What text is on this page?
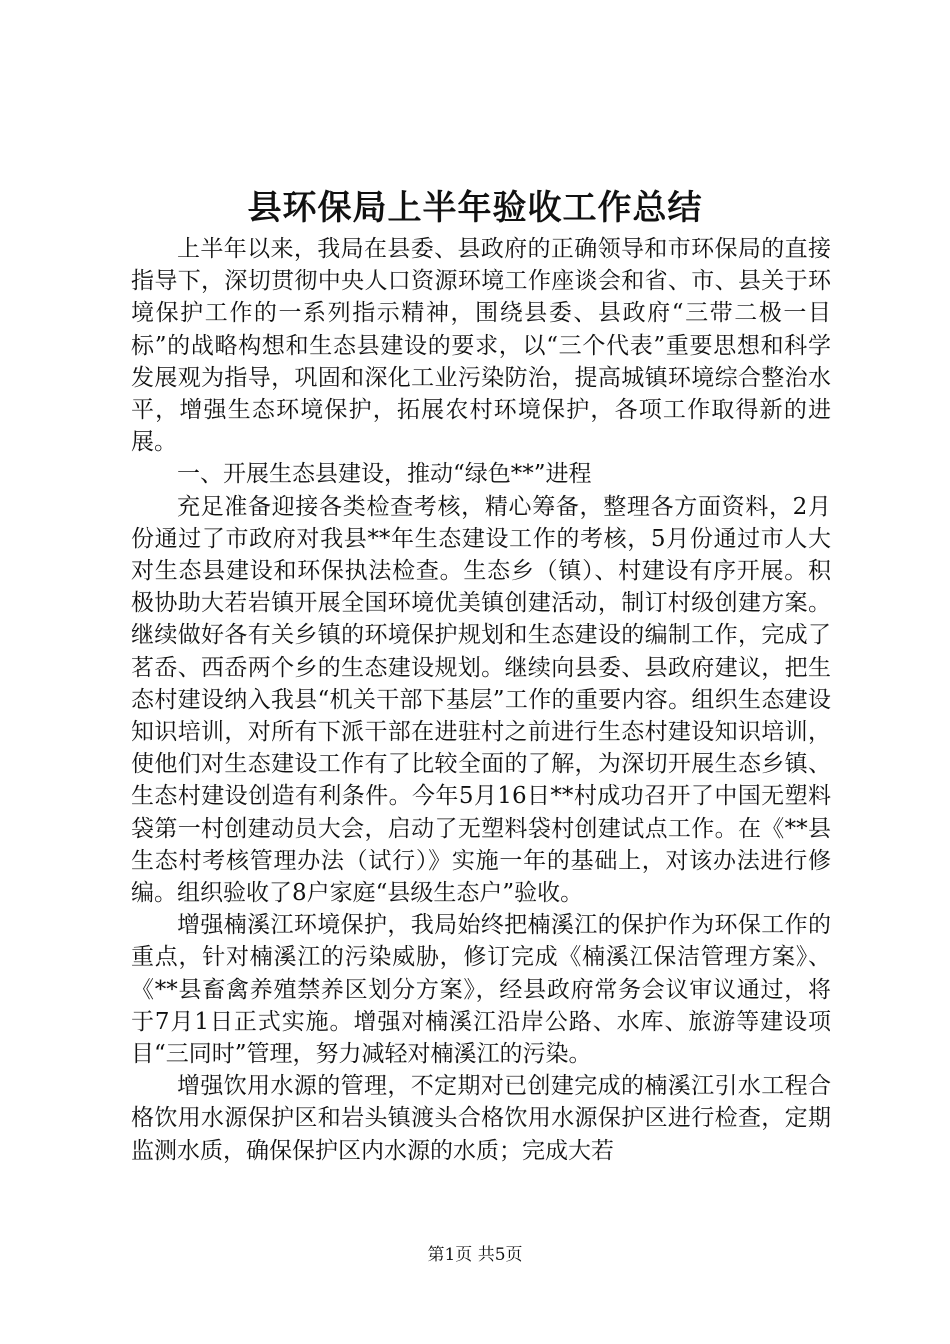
县环保局上半年验收工作总结

上半年以来，我局在县委、县政府的正确领导和市环保局的直接指导下，深切贯彻中央人口资源环境工作座谈会和省、市、县关于环境保护工作的一系列指示精神，围绕县委、县政府“三带二极一目标”的战略构想和生态县建设的要求，以“三个代表”重要思想和科学发展观为指导，巩固和深化工业污染防治，提高城镇环境综合整治水平，增强生态环境保护，拓展农村环境保护，各项工作取得新的进展。

一、开展生态县建设，推动“绿色**”进程

充足准备迎接各类检查考核，精心筹备，整理各方面资料，2月份通过了市政府对我县**年生态建设工作的考核，5月份通过市人大对生态县建设和环保执法检查。生态乡（镇）、村建设有序开展。积极协助大若岩镇开展全国环境优美镇创建活动，制订村级创建方案。继续做好各有关乡镇的环境保护规划和生态建设的编制工作，完成了茗岙、西岙两个乡的生态建设规划。继续向县委、县政府建议，把生态村建设纳入我县“机关干部下基层”工作的重要内容。组织生态建设知识培训，对所有下派干部在进驻村之前进行生态村建设知识培训，使他们对生态建设工作有了比较全面的了解，为深切开展生态乡镇、生态村建设创造有利条件。今年5月16日**村成功召开了中国无塑料袋第一村创建动员大会，启动了无塑料袋村创建试点工作。在《**县生态村考核管理办法（试行）》实施一年的基础上，对该办法进行修编。组织验收了8户家庭“县级生态户”验收。

增强楠溪江环境保护，我局始终把楠溪江的保护作为环保工作的重点，针对楠溪江的污染威胁，修订完成《楠溪江保洁管理方案》、《**县畜禽养殖禁养区划分方案》，经县政府常务会议审议通过，将于7月1日正式实施。增强对楠溪江沿岸公路、水库、旅游等建设项目“三同时”管理，努力减轻对楠溪江的污染。

增强饮用水源的管理，不定期对已创建完成的楠溪江引水工程合格饮用水源保护区和岩头镇渡头合格饮用水源保护区进行检查，定期监测水质，确保保护区内水源的水质；完成大若

第1页 共5页
